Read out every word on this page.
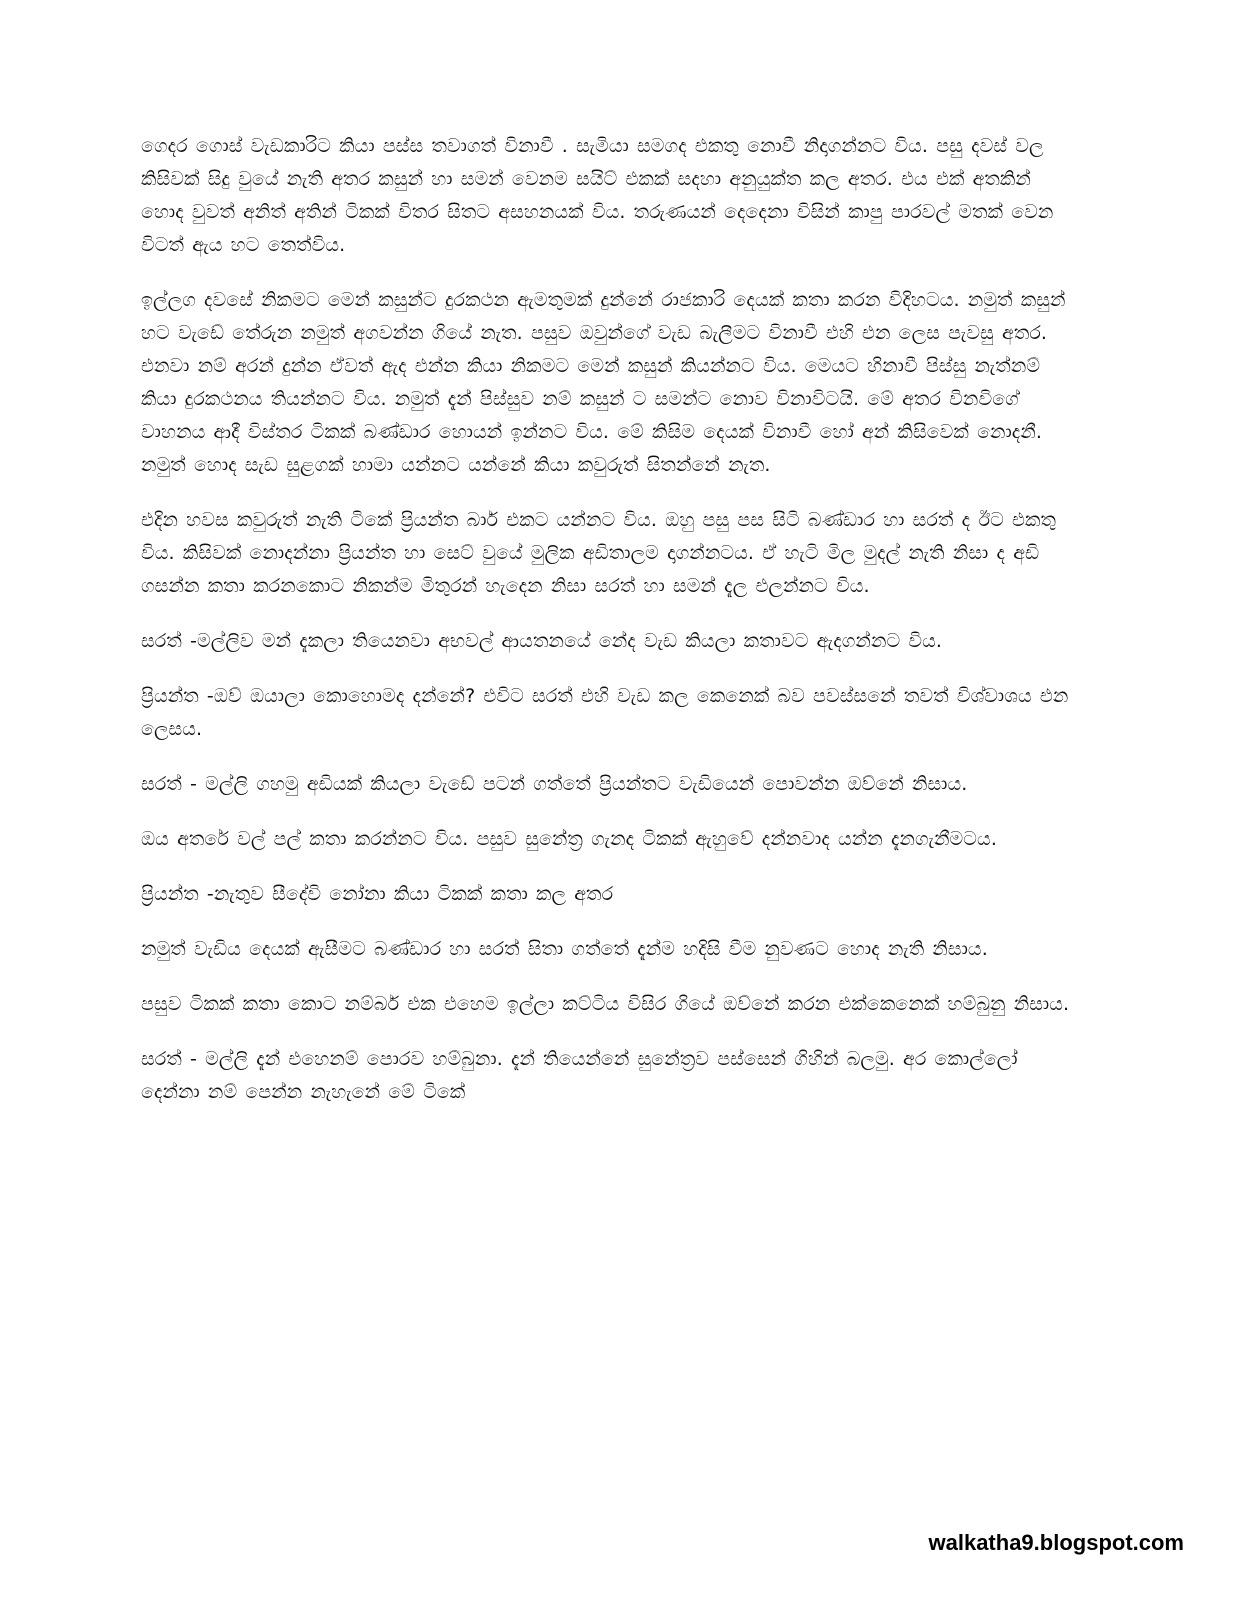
ගෙදර ගොස් වැඩකාරිට කියා පස්ස තවාගත් විනාවී . සැමියා සමගද එකතු නොවී නිදාගන්නට විය. පසු දවස් වල කිසිවක් සිදු වුයේ නැති අතර කසුන් හා සමන් වෙනම සයිට් එකක් සදහා අනුයුක්ත කල අතර. එය එක් අතකින් හොද වුවත් අනිත් අතින් ටිකක් විතර සිතට අසහනයක් විය. තරුණයන් දෙදෙනා විසින් කාපු පාරවල් මතක් වෙන විටත් ඇය හට තෙත්විය.

ඉල්ලග දවසේ නිකමට මෙන් කසුන්ට දුරකථන ඇමතුමක් දුන්නේ රාජකාරි දෙයක් කතා කරන විදිහටය. නමුත් කසුන් හට වැඩේ තේරුන නමුත් අගවන්න ගියේ නැත. පසුව ඔවුන්ගේ වැඩ බැලීමට විනාවී එහි එන ලෙස පැවසු අතර. එනවා නම් අරන් දුන්න ඒවත් ඇද එන්න කියා නිකමට මෙන් කසුන් කියන්නට විය. මෙයට හිනාවී පිස්සු නැත්නම් කියා දුරකථනය තියන්නට විය. නමුත් දැන් පිස්සුව නම් කසුන් ට සමන්ට නොව විනාවිටයි. මේ අතර විනවිගේ වාහනය ආදී විස්තර ටිකක් බණ්ඩාර හොයන් ඉන්නට විය. මේ කිසිම දෙයක් විනාවී හෝ අන් කිසිවෙක් නොදනී. නමුත් හොද සැඩ සුළගක් හාමා යන්නට යන්නේ කියා කවුරුත් සිතන්නේ නැත.

එදින හවස කවුරුත් නැති ටිකේ ප්‍රියන්ත බාර් එකට යන්නට විය. ඔහු පසු පස සිටි බණ්ඩාර හා සරත් ද ඊට එකතු විය. කිසිවක් නොදන්නා ප්‍රියන්ත හා සෙට් වුයේ මුලික අඩිතාලම දාගන්නටය. ඒ හැටි මිල මුදල් නැති නිසා ද අඩි ගසන්න කතා කරනකොට නිකන්ම මිතුරන් හැදෙන නිසා සරත් හා සමන් දැල එලන්නට විය.

සරත් -මල්ලිව මන් දැකලා තියෙනවා අභවල් ආයතනයේ නේද වැඩ කියලා කතාවට ඇදගන්නට විය.

ප්‍රියන්ත -ඔව් ඔයාලා කොහොමද දන්නේ? එවිට සරත් එහි වැඩ කල කෙනෙක් බව පවස්සනේ තවත් විශ්වාශය එන ලෙසය.

සරත් - මල්ලි ගහමු අඩියක් කියලා වැඩේ පටන් ගත්තේ ප්‍රියන්තට වැඩියෙන් පොවන්න ඔව්නේ නිසාය.

ඔය අතරේ වල් පල් කතා කරන්නට විය. පසුව සුනේත්‍ර ගැනද ටිකක් ඇහුවේ දන්නවාද යන්න දැනගැනීමටය.

ප්‍රියන්ත -නැතුව සීදේවි නෝනා කියා ටිකක් කතා කල අතර

නමුත් වැඩිය දෙයක් ඇසීමට බණ්ඩාර හා සරත් සිතා ගත්තේ දැන්ම හදිසි වීම නුවණට හොද නැති නිසාය.

පසුව ටිකක් කතා කොට නම්බර් එක එහෙම ඉල්ලා කට්ටිය විසිර ගියේ ඔව්නේ කරන එක්කෙනෙක් හම්බුනු නිසාය.

සරත් - මල්ලි දැන් එහෙනම් පොරව හම්බුනා. දැන් තියෙන්නේ සුනේත්‍රව පස්සෙන් ගිහින් බලමු. අර කොල්ලෝ දෙන්නා නම් පෙන්න නැහැනේ මේ ටිකේ

walkatha9.blogspot.com
